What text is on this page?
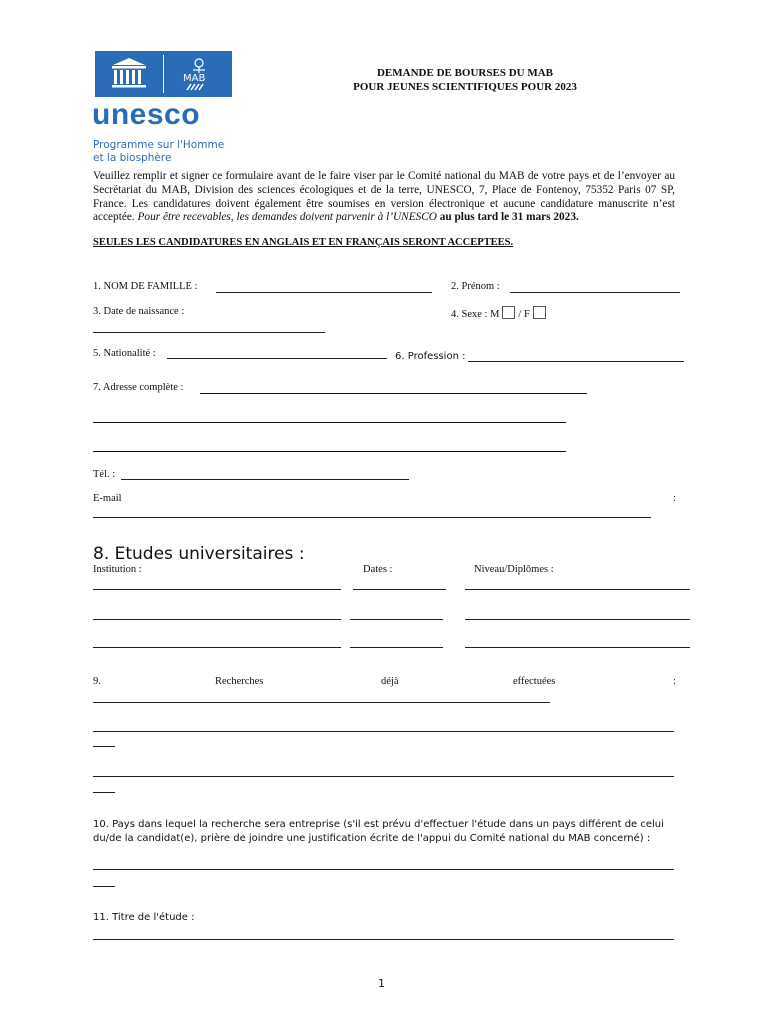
MAB
unesco
Programme sur l'Homme
et la biosphère
DEMANDE DE BOURSES DU MAB
POUR JEUNES SCIENTIFIQUES POUR 2023
Veuillez remplir et signer ce formulaire avant de le faire viser par le Comité national du MAB de votre pays et de l’envoyer au Secrétariat du MAB, Division des sciences écologiques et de la terre, UNESCO, 7, Place de Fontenoy, 75352 Paris 07 SP, France. Les candidatures doivent également être soumises en version électronique et aucune candidature manuscrite n’est acceptée. Pour être recevables, les demandes doivent parvenir à l’UNESCO au plus tard le 31 mars 2023.
SEULES LES CANDIDATURES EN ANGLAIS ET EN FRANÇAIS SERONT ACCEPTEES.
1. NOM DE FAMILLE :	2. Prénom :
3. Date de naissance :	4. Sexe : M / F
5. Nationalité :	6. Profession :
7. Adresse complète :
Tél. :
E-mail	:
8. Etudes universitaires :
Institution :	Dates :	Niveau/Diplômes :
9.	Recherches	déjà	effectuées	:
10. Pays dans lequel la recherche sera entreprise (s'il est prévu d'effectuer l'étude dans un pays différent de celui du/de la candidat(e), prière de joindre une justification écrite de l'appui du Comité national du MAB concerné) :
11. Titre de l'étude :
1
